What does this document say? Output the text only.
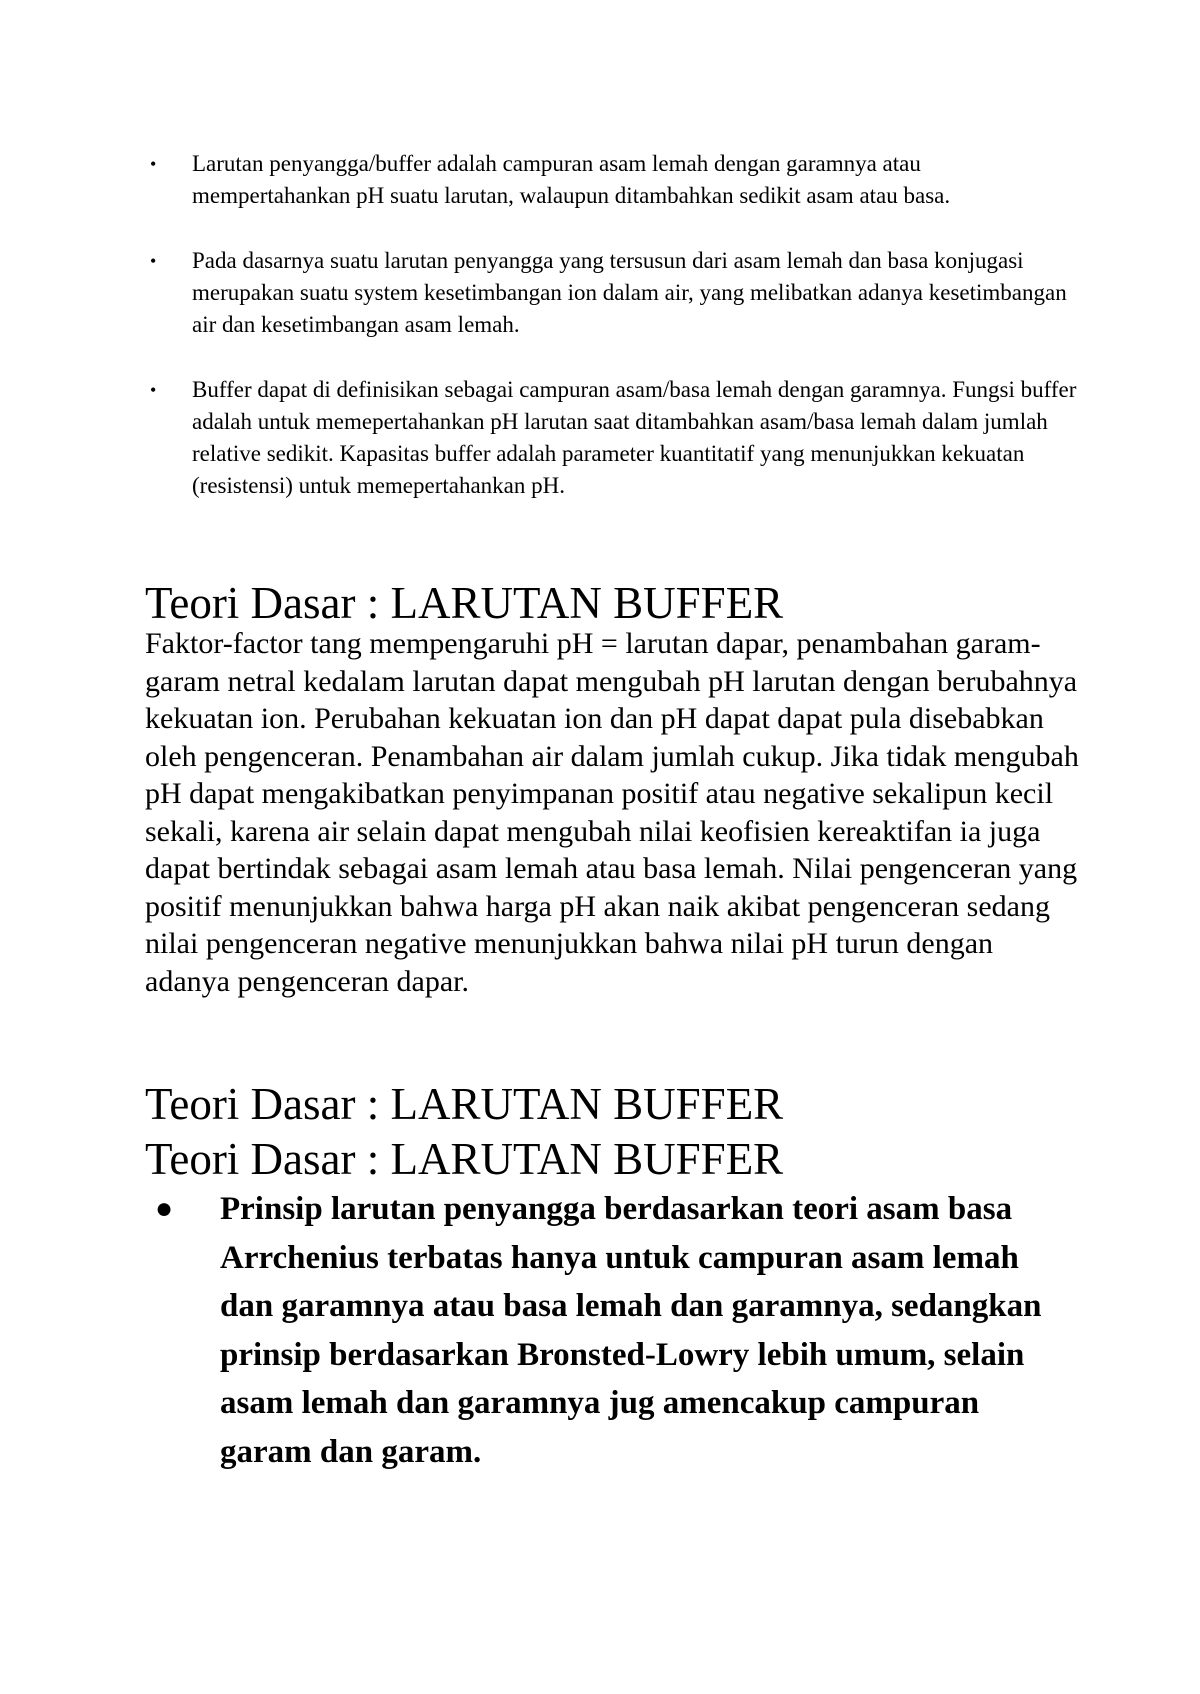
• Larutan penyangga/buffer adalah campuran asam lemah dengan garamnya atau mempertahankan pH suatu larutan, walaupun ditambahkan sedikit asam atau basa.
• Pada dasarnya suatu larutan penyangga yang tersusun dari asam lemah dan basa konjugasi merupakan suatu system kesetimbangan ion dalam air, yang melibatkan adanya kesetimbangan air dan kesetimbangan asam lemah.
• Buffer dapat di definisikan sebagai campuran asam/basa lemah dengan garamnya. Fungsi buffer adalah untuk memepertahankan pH larutan saat ditambahkan asam/basa lemah dalam jumlah relative sedikit. Kapasitas buffer adalah parameter kuantitatif yang menunjukkan kekuatan (resistensi) untuk memepertahankan pH.
Teori Dasar : LARUTAN BUFFER

Faktor-factor tang mempengaruhi pH = larutan dapar, penambahan garam-garam netral kedalam larutan dapat mengubah pH larutan dengan berubahnya kekuatan ion. Perubahan kekuatan ion dan pH dapat dapat pula disebabkan oleh pengenceran. Penambahan air dalam jumlah cukup. Jika tidak mengubah pH dapat mengakibatkan penyimpanan positif atau negative sekalipun kecil sekali, karena air selain dapat mengubah nilai keofisien kereaktifan ia juga dapat bertindak sebagai asam lemah atau basa lemah. Nilai pengenceran yang positif menunjukkan bahwa harga pH akan naik akibat pengenceran sedang nilai pengenceran negative menunjukkan bahwa nilai pH turun dengan adanya pengenceran dapar.

Teori Dasar : LARUTAN BUFFER
Teori Dasar : LARUTAN BUFFER
● Prinsip larutan penyangga berdasarkan teori asam basa Arrchenius terbatas hanya untuk campuran asam lemah dan garamnya atau basa lemah dan garamnya, sedangkan prinsip berdasarkan Bronsted-Lowry lebih umum, selain asam lemah dan garamnya jug amencakup campuran garam dan garam.
